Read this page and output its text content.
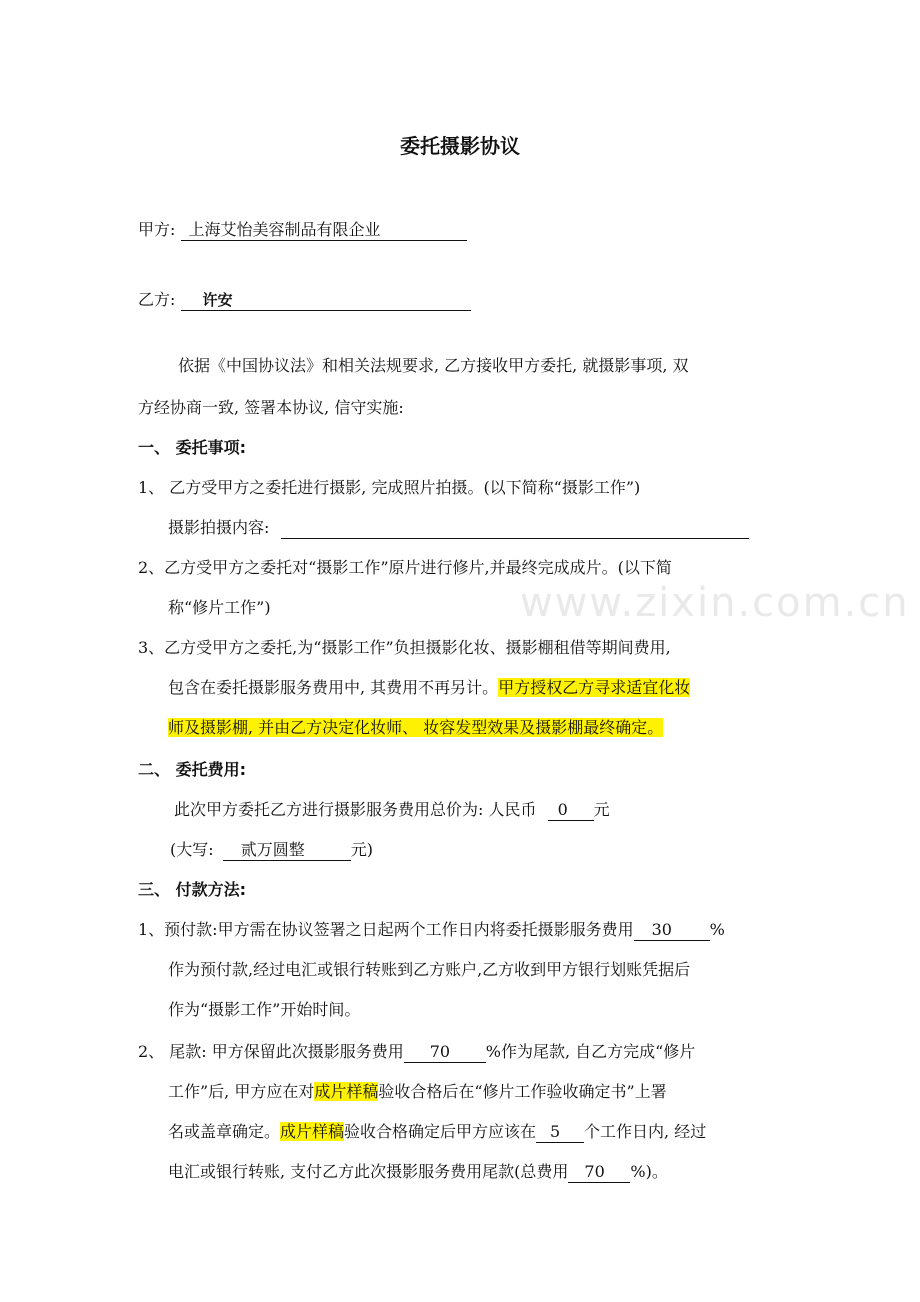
www.zixin.com.cn
委托摄影协议
甲方: 上海艾怡美容制品有限企业
乙方: 许安
依据《中国协议法》和相关法规要求, 乙方接收甲方委托, 就摄影事项, 双
方经协商一致, 签署本协议, 信守实施:
一、 委托事项:
1、 乙方受甲方之委托进行摄影, 完成照片拍摄。(以下简称“摄影工作”)
摄影拍摄内容:
2、乙方受甲方之委托对“摄影工作”原片进行修片,并最终完成成片。(以下简
称“修片工作”)
3、乙方受甲方之委托,为“摄影工作”负担摄影化妆、摄影棚租借等期间费用,
包含在委托摄影服务费用中, 其费用不再另计。甲方授权乙方寻求适宜化妆
师及摄影棚, 并由乙方决定化妆师、 妆容发型效果及摄影棚最终确定。
二、 委托费用:
此次甲方委托乙方进行摄影服务费用总价为: 人民币 0 元
(大写: 贰万圆整	元)
三、 付款方法:
1、预付款:甲方需在协议签署之日起两个工作日内将委托摄影服务费用 30 %
作为预付款,经过电汇或银行转账到乙方账户,乙方收到甲方银行划账凭据后
作为“摄影工作”开始时间。
2、 尾款: 甲方保留此次摄影服务费用 70 %作为尾款, 自乙方完成“修片
工作”后, 甲方应在对成片样稿验收合格后在“修片工作验收确定书”上署
名或盖章确定。成片样稿验收合格确定后甲方应该在 5 个工作日内, 经过
电汇或银行转账, 支付乙方此次摄影服务费用尾款(总费用 70 %)。
